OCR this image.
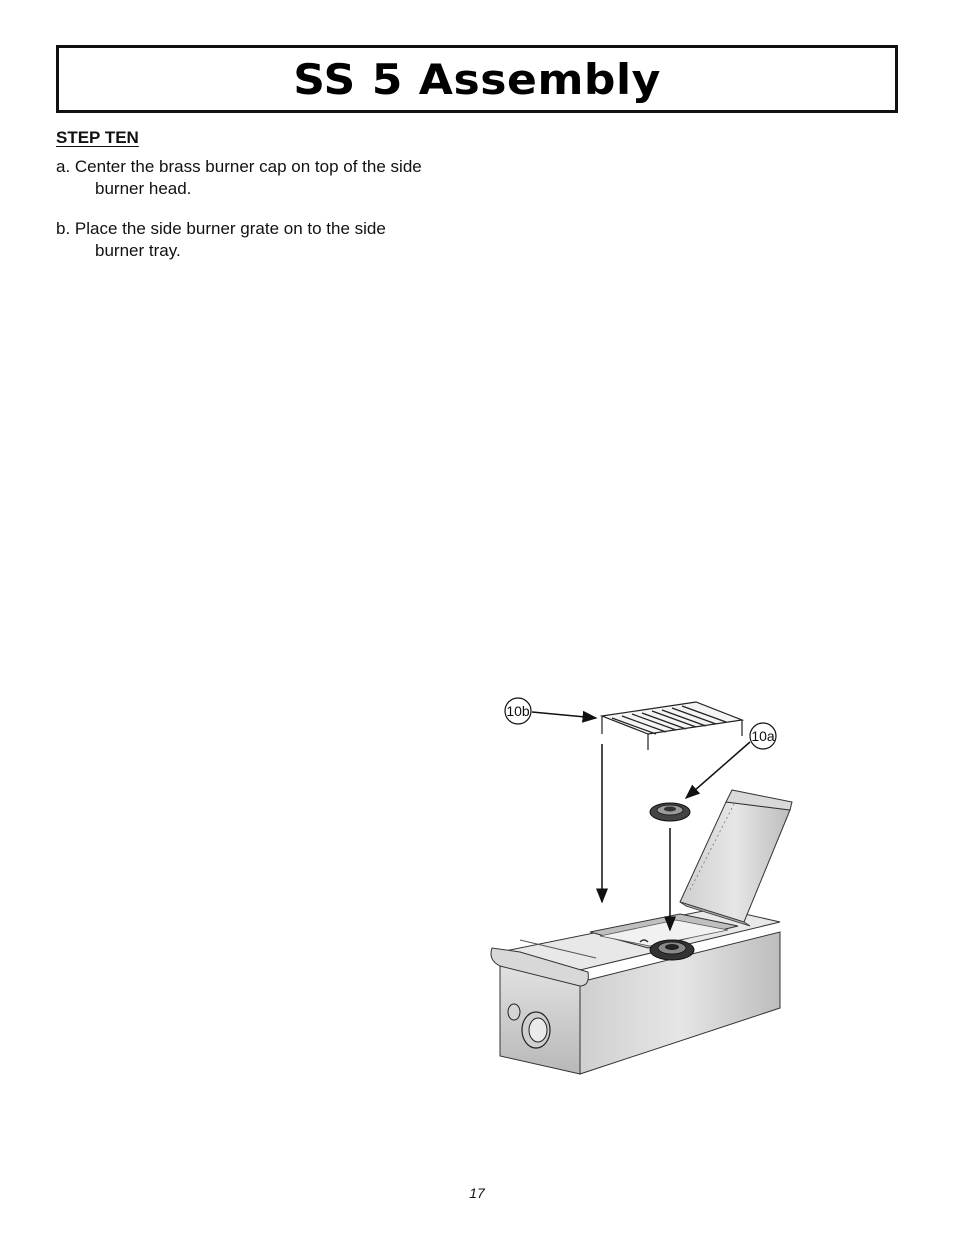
SS 5 Assembly
STEP TEN
a. Center the brass burner cap on top of the side
burner head.
b. Place the side burner grate on to the side
burner tray.
10b
10a
17
